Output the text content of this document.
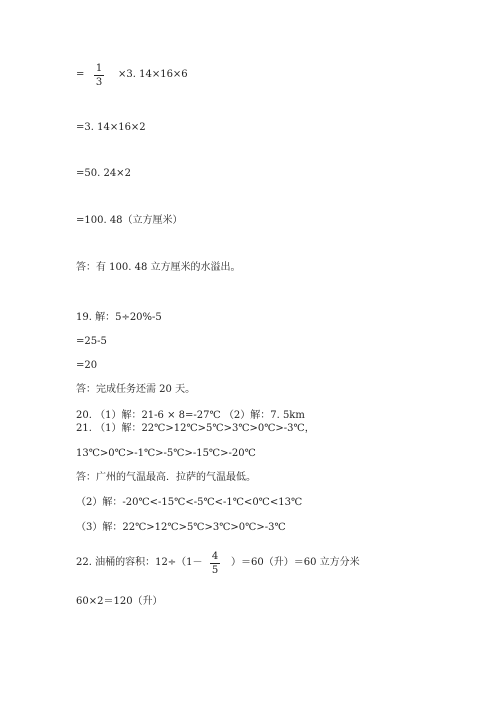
=
1
3
×3. 14×16×6
=3. 14×16×2
=50. 24×2
=100. 48（立方厘米）
答：有 100. 48 立方厘米的水溢出。
19. 解：5÷20%-5
=25-5
=20
答：完成任务还需 20 天。
20. （1）解：21-6 × 8=-27℃ （2）解：7. 5km
21. （1）解：22℃>12℃>5℃>3℃>0℃>-3℃，
13℃>0℃>-1℃>-5℃>-15℃>-20℃
答：广州的气温最高．拉萨的气温最低。
（2）解：-20℃<-15℃<-5℃<-1℃<0℃<13℃
（3）解：22℃>12℃>5℃>3℃>0℃>-3℃
22. 油桶的容积：12÷（1－
4
5
）＝60（升）＝60 立方分米
60×2＝120（升）
